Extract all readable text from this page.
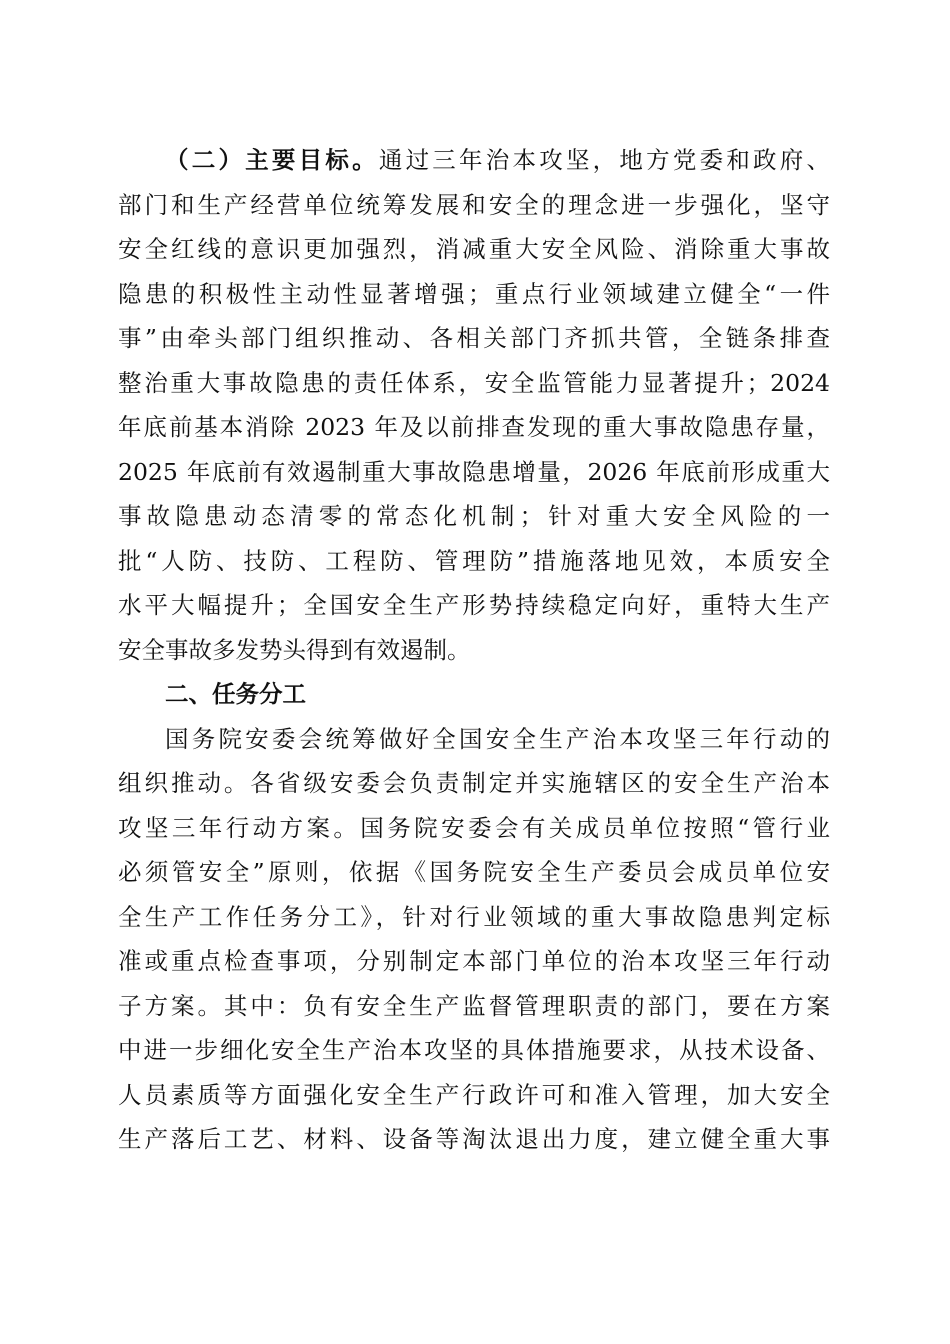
（二）主要目标。通过三年治本攻坚，地方党委和政府、
部门和生产经营单位统筹发展和安全的理念进一步强化，坚守
安全红线的意识更加强烈，消减重大安全风险、消除重大事故
隐患的积极性主动性显著增强；重点行业领域建立健全“一件
事”由牵头部门组织推动、各相关部门齐抓共管，全链条排查
整治重大事故隐患的责任体系，安全监管能力显著提升；2024
年底前基本消除 2023 年及以前排查发现的重大事故隐患存量，
2025 年底前有效遏制重大事故隐患增量，2026 年底前形成重大
事故隐患动态清零的常态化机制；针对重大安全风险的一
批“人防、技防、工程防、管理防”措施落地见效，本质安全
水平大幅提升；全国安全生产形势持续稳定向好，重特大生产
安全事故多发势头得到有效遏制。
二、任务分工
国务院安委会统筹做好全国安全生产治本攻坚三年行动的
组织推动。各省级安委会负责制定并实施辖区的安全生产治本
攻坚三年行动方案。国务院安委会有关成员单位按照“管行业
必须管安全”原则，依据《国务院安全生产委员会成员单位安
全生产工作任务分工》，针对行业领域的重大事故隐患判定标
准或重点检查事项，分别制定本部门单位的治本攻坚三年行动
子方案。其中：负有安全生产监督管理职责的部门，要在方案
中进一步细化安全生产治本攻坚的具体措施要求，从技术设备、
人员素质等方面强化安全生产行政许可和准入管理，加大安全
生产落后工艺、材料、设备等淘汰退出力度，建立健全重大事
